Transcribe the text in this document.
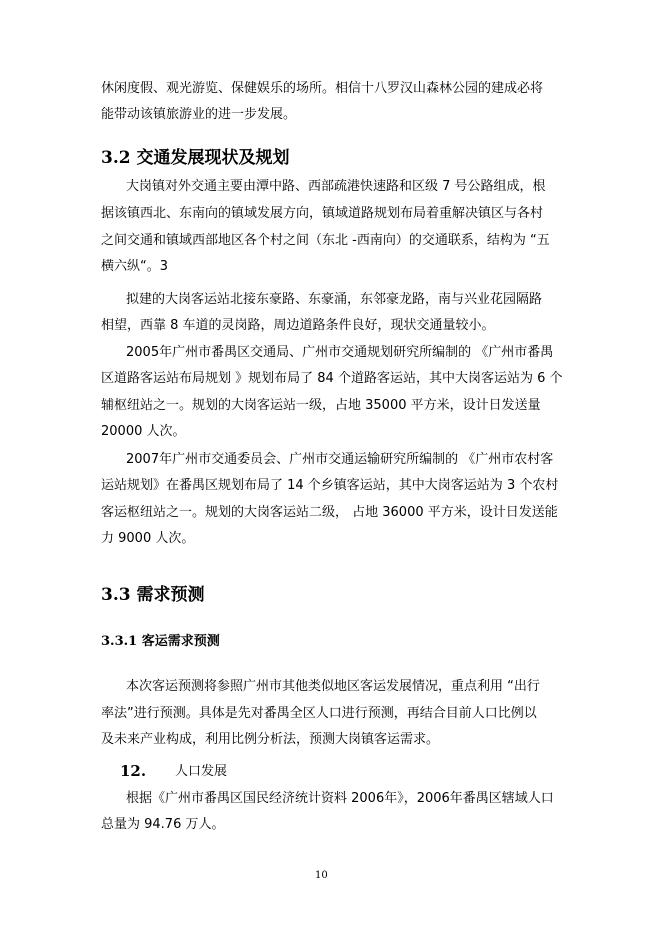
休闲度假、观光游览、保健娱乐的场所。相信十八罗汉山森林公园的建成必将
能带动该镇旅游业的进一步发展。
3.2 交通发展现状及规划
大岗镇对外交通主要由潭中路、西部疏港快速路和区级 7 号公路组成，根
据该镇西北、东南向的镇域发展方向，镇域道路规划布局着重解决镇区与各村
之间交通和镇域西部地区各个村之间（东北 -西南向）的交通联系，结构为 “五
横六纵“。3
拟建的大岗客运站北接东豪路、东豪涌，东邻豪龙路，南与兴业花园隔路
相望，西靠 8 车道的灵岗路，周边道路条件良好，现状交通量较小。
2005年广州市番禺区交通局、广州市交通规划研究所编制的 《广州市番禺
区道路客运站布局规划 》规划布局了 84 个道路客运站，其中大岗客运站为 6 个
辅枢纽站之一。规划的大岗客运站一级，占地 35000 平方米，设计日发送量
20000 人次。
2007年广州市交通委员会、广州市交通运输研究所编制的 《广州市农村客
运站规划》在番禺区规划布局了 14 个乡镇客运站，其中大岗客运站为 3 个农村
客运枢纽站之一。规划的大岗客运站二级， 占地 36000 平方米，设计日发送能
力 9000 人次。
3.3 需求预测
3.3.1 客运需求预测
本次客运预测将参照广州市其他类似地区客运发展情况，重点利用 “出行
率法”进行预测。具体是先对番禺全区人口进行预测，再结合目前人口比例以
及未来产业构成，利用比例分析法，预测大岗镇客运需求。
12. 人口发展
根据《广州市番禺区国民经济统计资料 2006年》，2006年番禺区辖域人口
总量为 94.76 万人。
10
